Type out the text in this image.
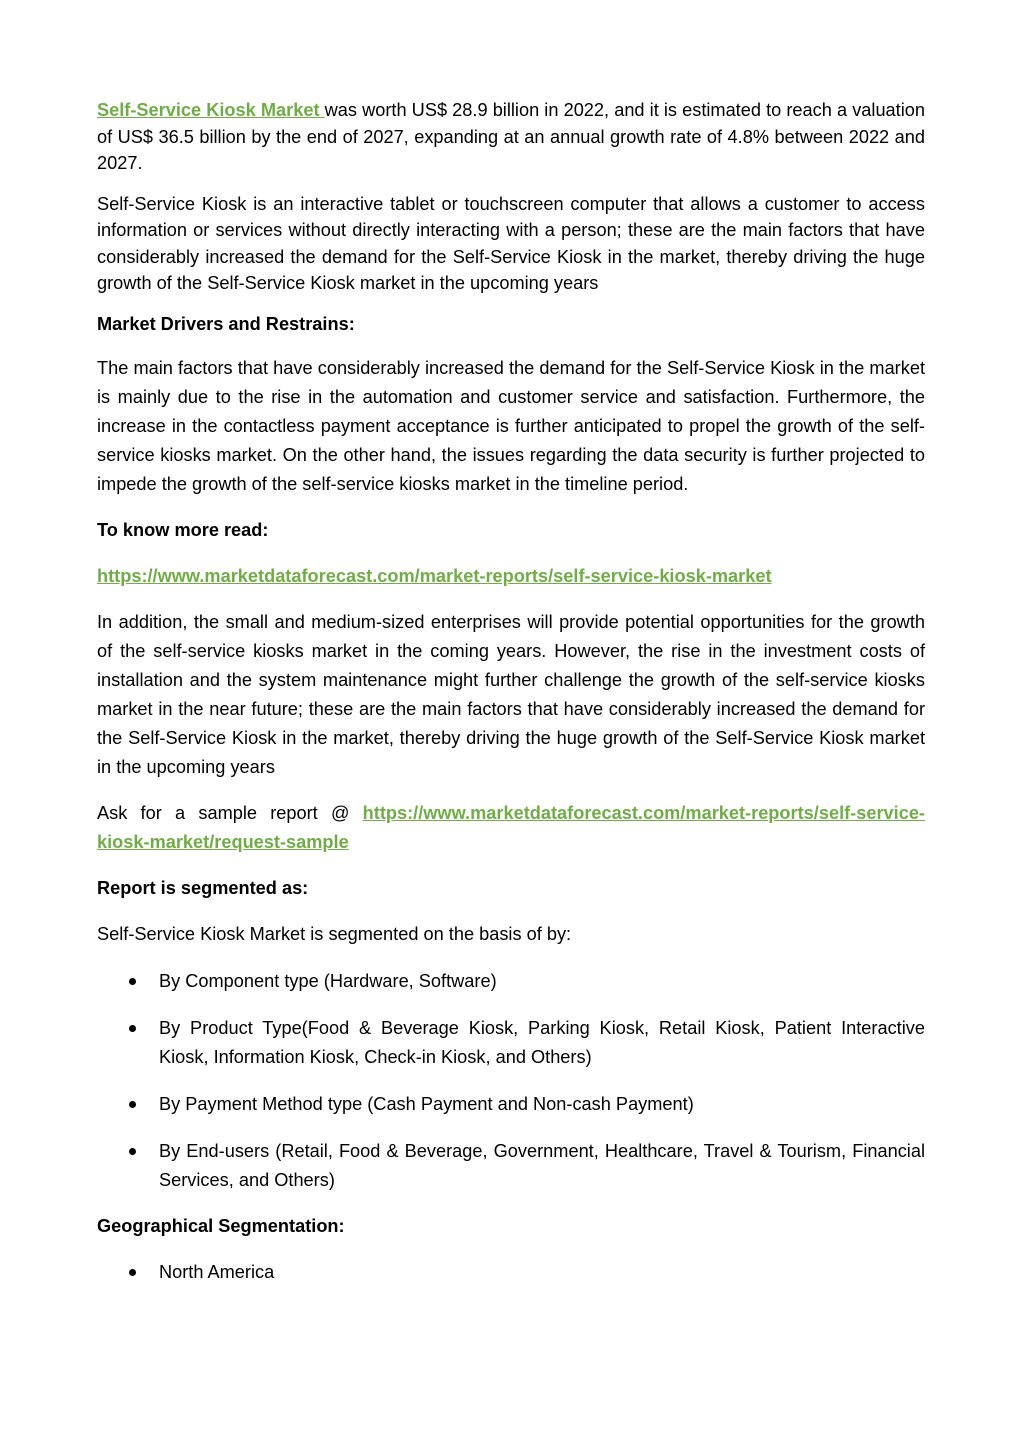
Self-Service Kiosk Market was worth US$ 28.9 billion in 2022, and it is estimated to reach a valuation of US$ 36.5 billion by the end of 2027, expanding at an annual growth rate of 4.8% between 2022 and 2027.

Self-Service Kiosk is an interactive tablet or touchscreen computer that allows a customer to access information or services without directly interacting with a person; these are the main factors that have considerably increased the demand for the Self-Service Kiosk in the market, thereby driving the huge growth of the Self-Service Kiosk market in the upcoming years

Market Drivers and Restrains:

The main factors that have considerably increased the demand for the Self-Service Kiosk in the market is mainly due to the rise in the automation and customer service and satisfaction. Furthermore, the increase in the contactless payment acceptance is further anticipated to propel the growth of the self-service kiosks market. On the other hand, the issues regarding the data security is further projected to impede the growth of the self-service kiosks market in the timeline period.

To know more read:

https://www.marketdataforecast.com/market-reports/self-service-kiosk-market

In addition, the small and medium-sized enterprises will provide potential opportunities for the growth of the self-service kiosks market in the coming years. However, the rise in the investment costs of installation and the system maintenance might further challenge the growth of the self-service kiosks market in the near future; these are the main factors that have considerably increased the demand for the Self-Service Kiosk in the market, thereby driving the huge growth of the Self-Service Kiosk market in the upcoming years

Ask for a sample report @ https://www.marketdataforecast.com/market-reports/self-service-kiosk-market/request-sample

Report is segmented as:

Self-Service Kiosk Market is segmented on the basis of by:

By Component type (Hardware, Software)
By Product Type(Food & Beverage Kiosk, Parking Kiosk, Retail Kiosk, Patient Interactive Kiosk, Information Kiosk, Check-in Kiosk, and Others)
By Payment Method type (Cash Payment and Non-cash Payment)
By End-users (Retail, Food & Beverage, Government, Healthcare, Travel & Tourism, Financial Services, and Others)

Geographical Segmentation:

North America
